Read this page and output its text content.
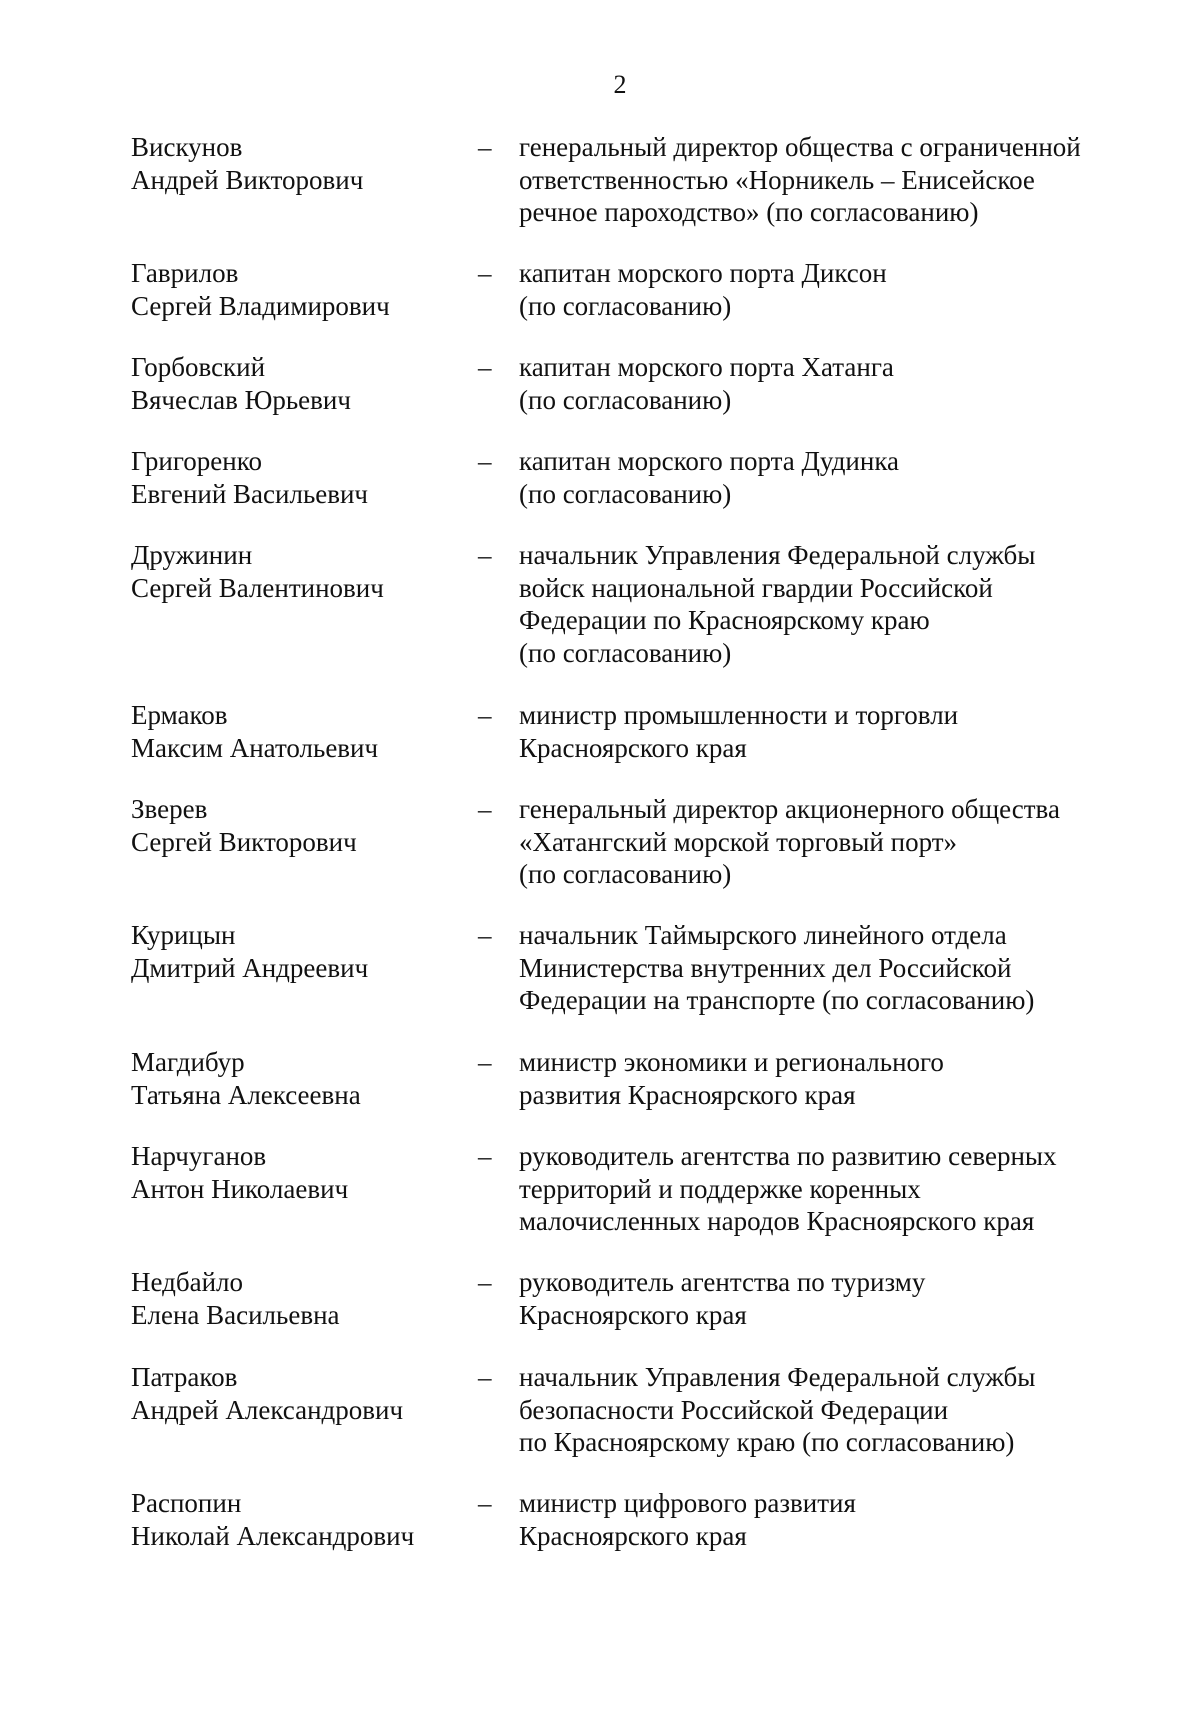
2
Вискунов
Андрей Викторович
– генеральный директор общества с ограниченной
ответственностью «Норникель – Енисейское
речное пароходство» (по согласованию)
Гаврилов
Сергей Владимирович
– капитан морского порта Диксон
(по согласованию)
Горбовский
Вячеслав Юрьевич
– капитан морского порта Хатанга
(по согласованию)
Григоренко
Евгений Васильевич
– капитан морского порта Дудинка
(по согласованию)
Дружинин
Сергей Валентинович
– начальник Управления Федеральной службы
войск национальной гвардии Российской
Федерации по Красноярскому краю
(по согласованию)
Ермаков
Максим Анатольевич
– министр промышленности и торговли
Красноярского края
Зверев
Сергей Викторович
– генеральный директор акционерного общества
«Хатангский морской торговый порт»
(по согласованию)
Курицын
Дмитрий Андреевич
– начальник Таймырского линейного отдела
Министерства внутренних дел Российской
Федерации на транспорте (по согласованию)
Магдибур
Татьяна Алексеевна
– министр экономики и регионального
развития Красноярского края
Нарчуганов
Антон Николаевич
– руководитель агентства по развитию северных
территорий и поддержке коренных
малочисленных народов Красноярского края
Недбайло
Елена Васильевна
– руководитель агентства по туризму
Красноярского края
Патраков
Андрей Александрович
– начальник Управления Федеральной службы
безопасности Российской Федерации
по Красноярскому краю (по согласованию)
Распопин
Николай Александрович
– министр цифрового развития
Красноярского края
